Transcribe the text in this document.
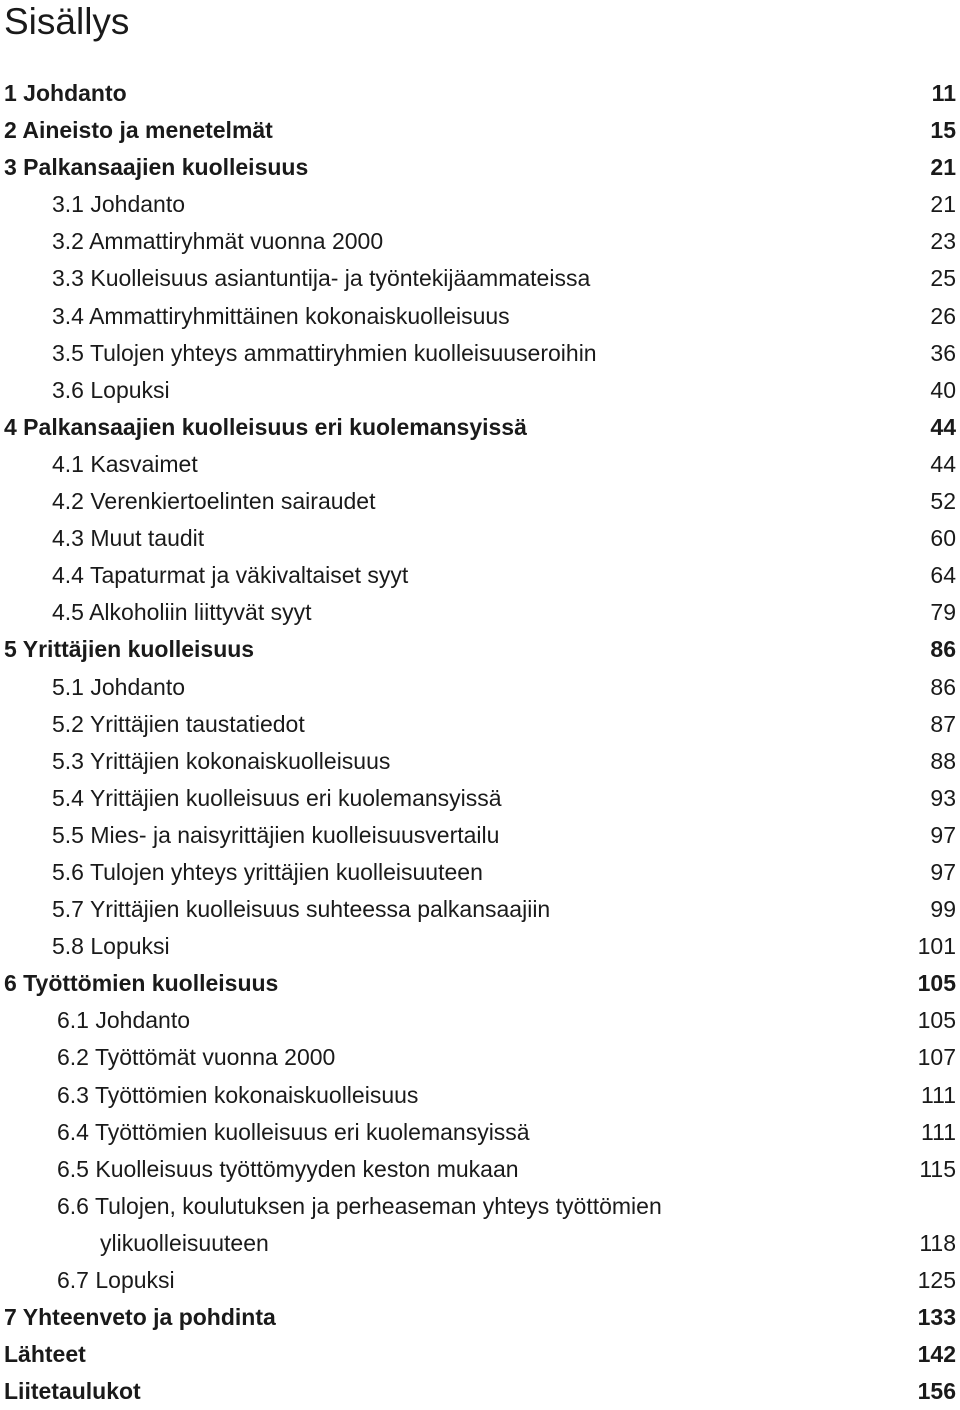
Sisällys
1 Johdanto	11
2 Aineisto ja menetelmät	15
3 Palkansaajien kuolleisuus	21
3.1 Johdanto	21
3.2 Ammattiryhmät vuonna 2000	23
3.3 Kuolleisuus asiantuntija- ja työntekijäammateissa	25
3.4 Ammattiryhmittäinen kokonaiskuolleisuus	26
3.5 Tulojen yhteys ammattiryhmien kuolleisuuseroihin	36
3.6 Lopuksi	40
4 Palkansaajien kuolleisuus eri kuolemansyissä	44
4.1 Kasvaimet	44
4.2 Verenkiertoelinten sairaudet	52
4.3 Muut taudit	60
4.4 Tapaturmat ja väkivaltaiset syyt	64
4.5 Alkoholiin liittyvät syyt	79
5 Yrittäjien kuolleisuus	86
5.1 Johdanto	86
5.2 Yrittäjien taustatiedot	87
5.3 Yrittäjien kokonaiskuolleisuus	88
5.4 Yrittäjien kuolleisuus eri kuolemansyissä	93
5.5 Mies- ja naisyrittäjien kuolleisuusvertailu	97
5.6 Tulojen yhteys yrittäjien kuolleisuuteen	97
5.7 Yrittäjien kuolleisuus suhteessa palkansaajiin	99
5.8 Lopuksi	101
6 Työttömien kuolleisuus	105
6.1 Johdanto	105
6.2 Työttömät vuonna 2000	107
6.3 Työttömien kokonaiskuolleisuus	111
6.4 Työttömien kuolleisuus eri kuolemansyissä	111
6.5 Kuolleisuus työttömyyden keston mukaan	115
6.6 Tulojen, koulutuksen ja perheaseman yhteys työttömien
ylikuolleisuuteen	118
6.7 Lopuksi	125
7 Yhteenveto ja pohdinta	133
Lähteet	142
Liitetaulukot	156
